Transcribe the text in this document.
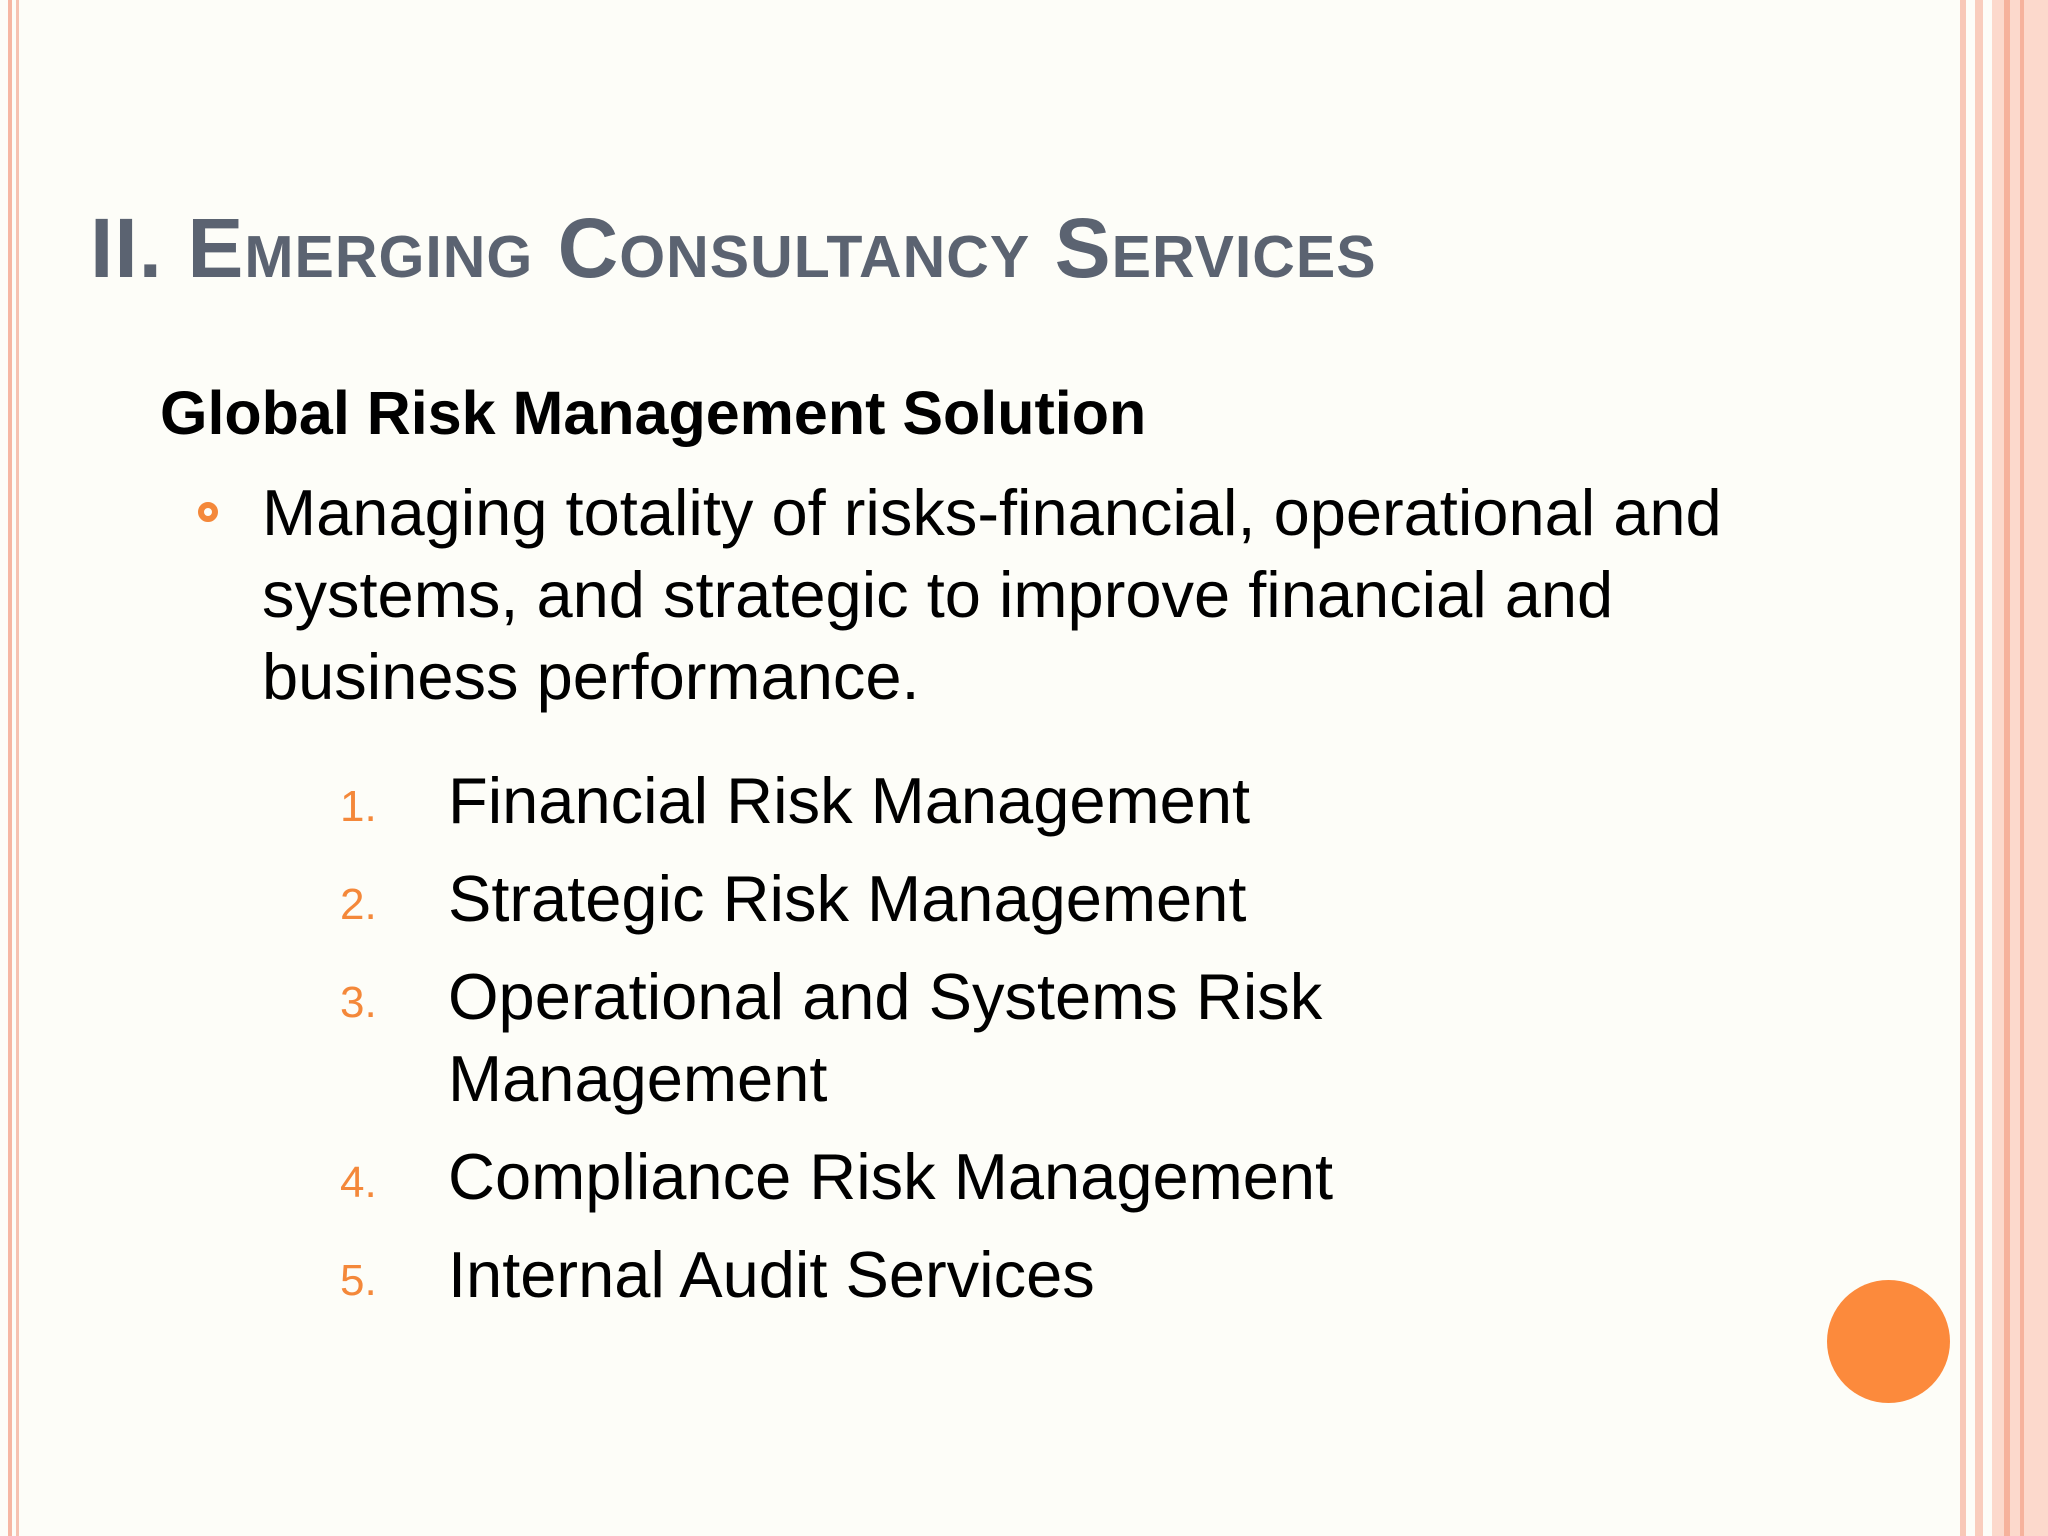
II. Emerging Consultancy Services
Global Risk Management Solution
Managing totality of risks-financial, operational and systems, and strategic to improve financial and business performance.
1. Financial Risk Management
2. Strategic Risk Management
3. Operational and Systems Risk Management
4. Compliance Risk Management
5. Internal Audit Services
